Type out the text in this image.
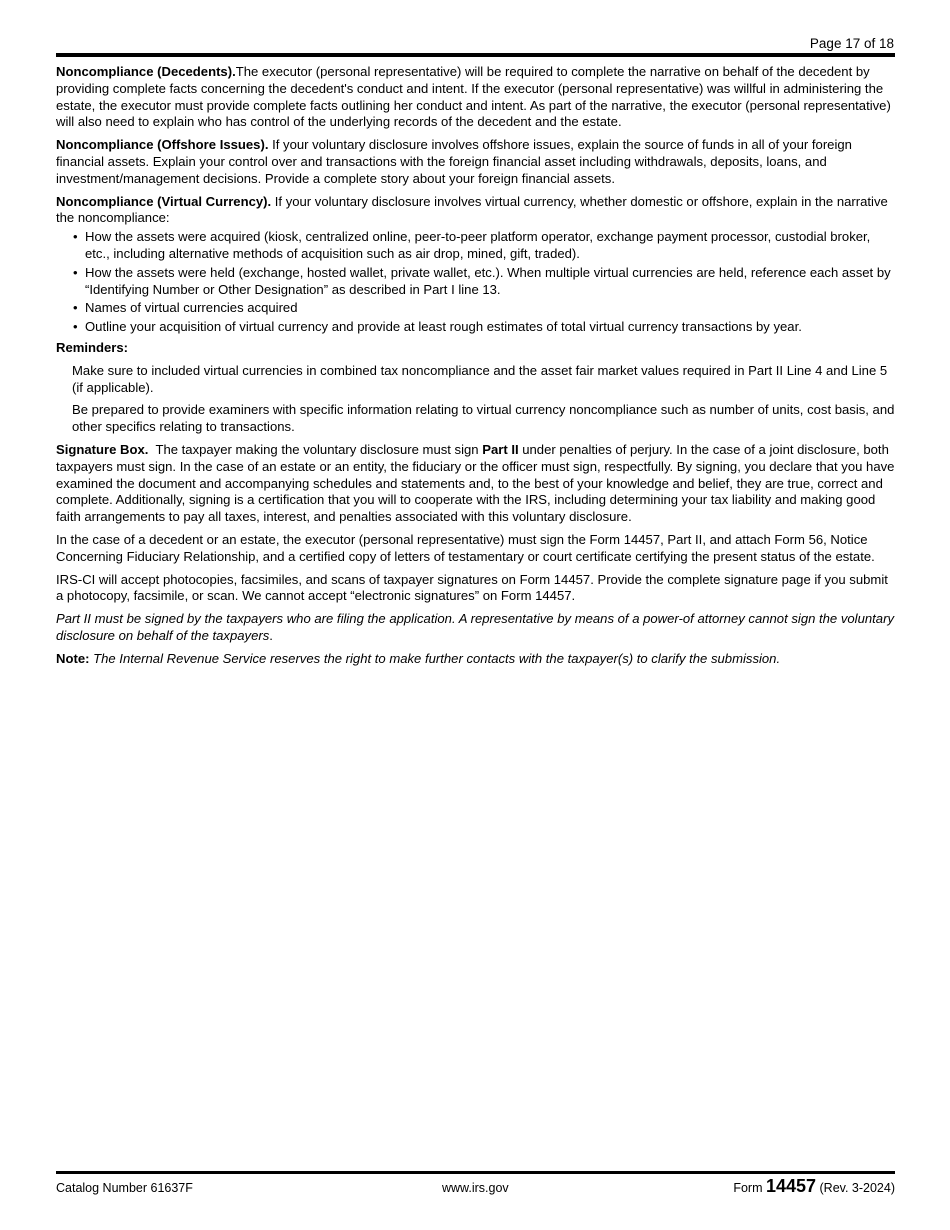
Page 17 of 18

Noncompliance (Decedents).The executor (personal representative) will be required to complete the narrative on behalf of the decedent by providing complete facts concerning the decedent's conduct and intent. If the executor (personal representative) was willful in administering the estate, the executor must provide complete facts outlining her conduct and intent. As part of the narrative, the executor (personal representative) will also need to explain who has control of the underlying records of the decedent and the estate.

Noncompliance (Offshore Issues). If your voluntary disclosure involves offshore issues, explain the source of funds in all of your foreign financial assets. Explain your control over and transactions with the foreign financial asset including withdrawals, deposits, loans, and investment/management decisions. Provide a complete story about your foreign financial assets.

Noncompliance (Virtual Currency). If your voluntary disclosure involves virtual currency, whether domestic or offshore, explain in the narrative the noncompliance:

• How the assets were acquired (kiosk, centralized online, peer-to-peer platform operator, exchange payment processor, custodial broker, etc., including alternative methods of acquisition such as air drop, mined, gift, traded).
• How the assets were held (exchange, hosted wallet, private wallet, etc.). When multiple virtual currencies are held, reference each asset by “Identifying Number or Other Designation” as described in Part I line 13.
• Names of virtual currencies acquired
• Outline your acquisition of virtual currency and provide at least rough estimates of total virtual currency transactions by year.

Reminders:

Make sure to included virtual currencies in combined tax noncompliance and the asset fair market values required in Part II Line 4 and Line 5 (if applicable).

Be prepared to provide examiners with specific information relating to virtual currency noncompliance such as number of units, cost basis, and other specifics relating to transactions.

Signature Box.  The taxpayer making the voluntary disclosure must sign Part II under penalties of perjury. In the case of a joint disclosure, both taxpayers must sign. In the case of an estate or an entity, the fiduciary or the officer must sign, respectfully. By signing, you declare that you have examined the document and accompanying schedules and statements and, to the best of your knowledge and belief, they are true, correct and complete. Additionally, signing is a certification that you will to cooperate with the IRS, including determining your tax liability and making good faith arrangements to pay all taxes, interest, and penalties associated with this voluntary disclosure.

In the case of a decedent or an estate, the executor (personal representative) must sign the Form 14457, Part II, and attach Form 56, Notice Concerning Fiduciary Relationship, and a certified copy of letters of testamentary or court certificate certifying the present status of the estate.

IRS-CI will accept photocopies, facsimiles, and scans of taxpayer signatures on Form 14457. Provide the complete signature page if you submit a photocopy, facsimile, or scan. We cannot accept “electronic signatures” on Form 14457.

Part II must be signed by the taxpayers who are filing the application. A representative by means of a power-of attorney cannot sign the voluntary disclosure on behalf of the taxpayers.

Note: The Internal Revenue Service reserves the right to make further contacts with the taxpayer(s) to clarify the submission.

Catalog Number 61637F	www.irs.gov	Form 14457 (Rev. 3-2024)
